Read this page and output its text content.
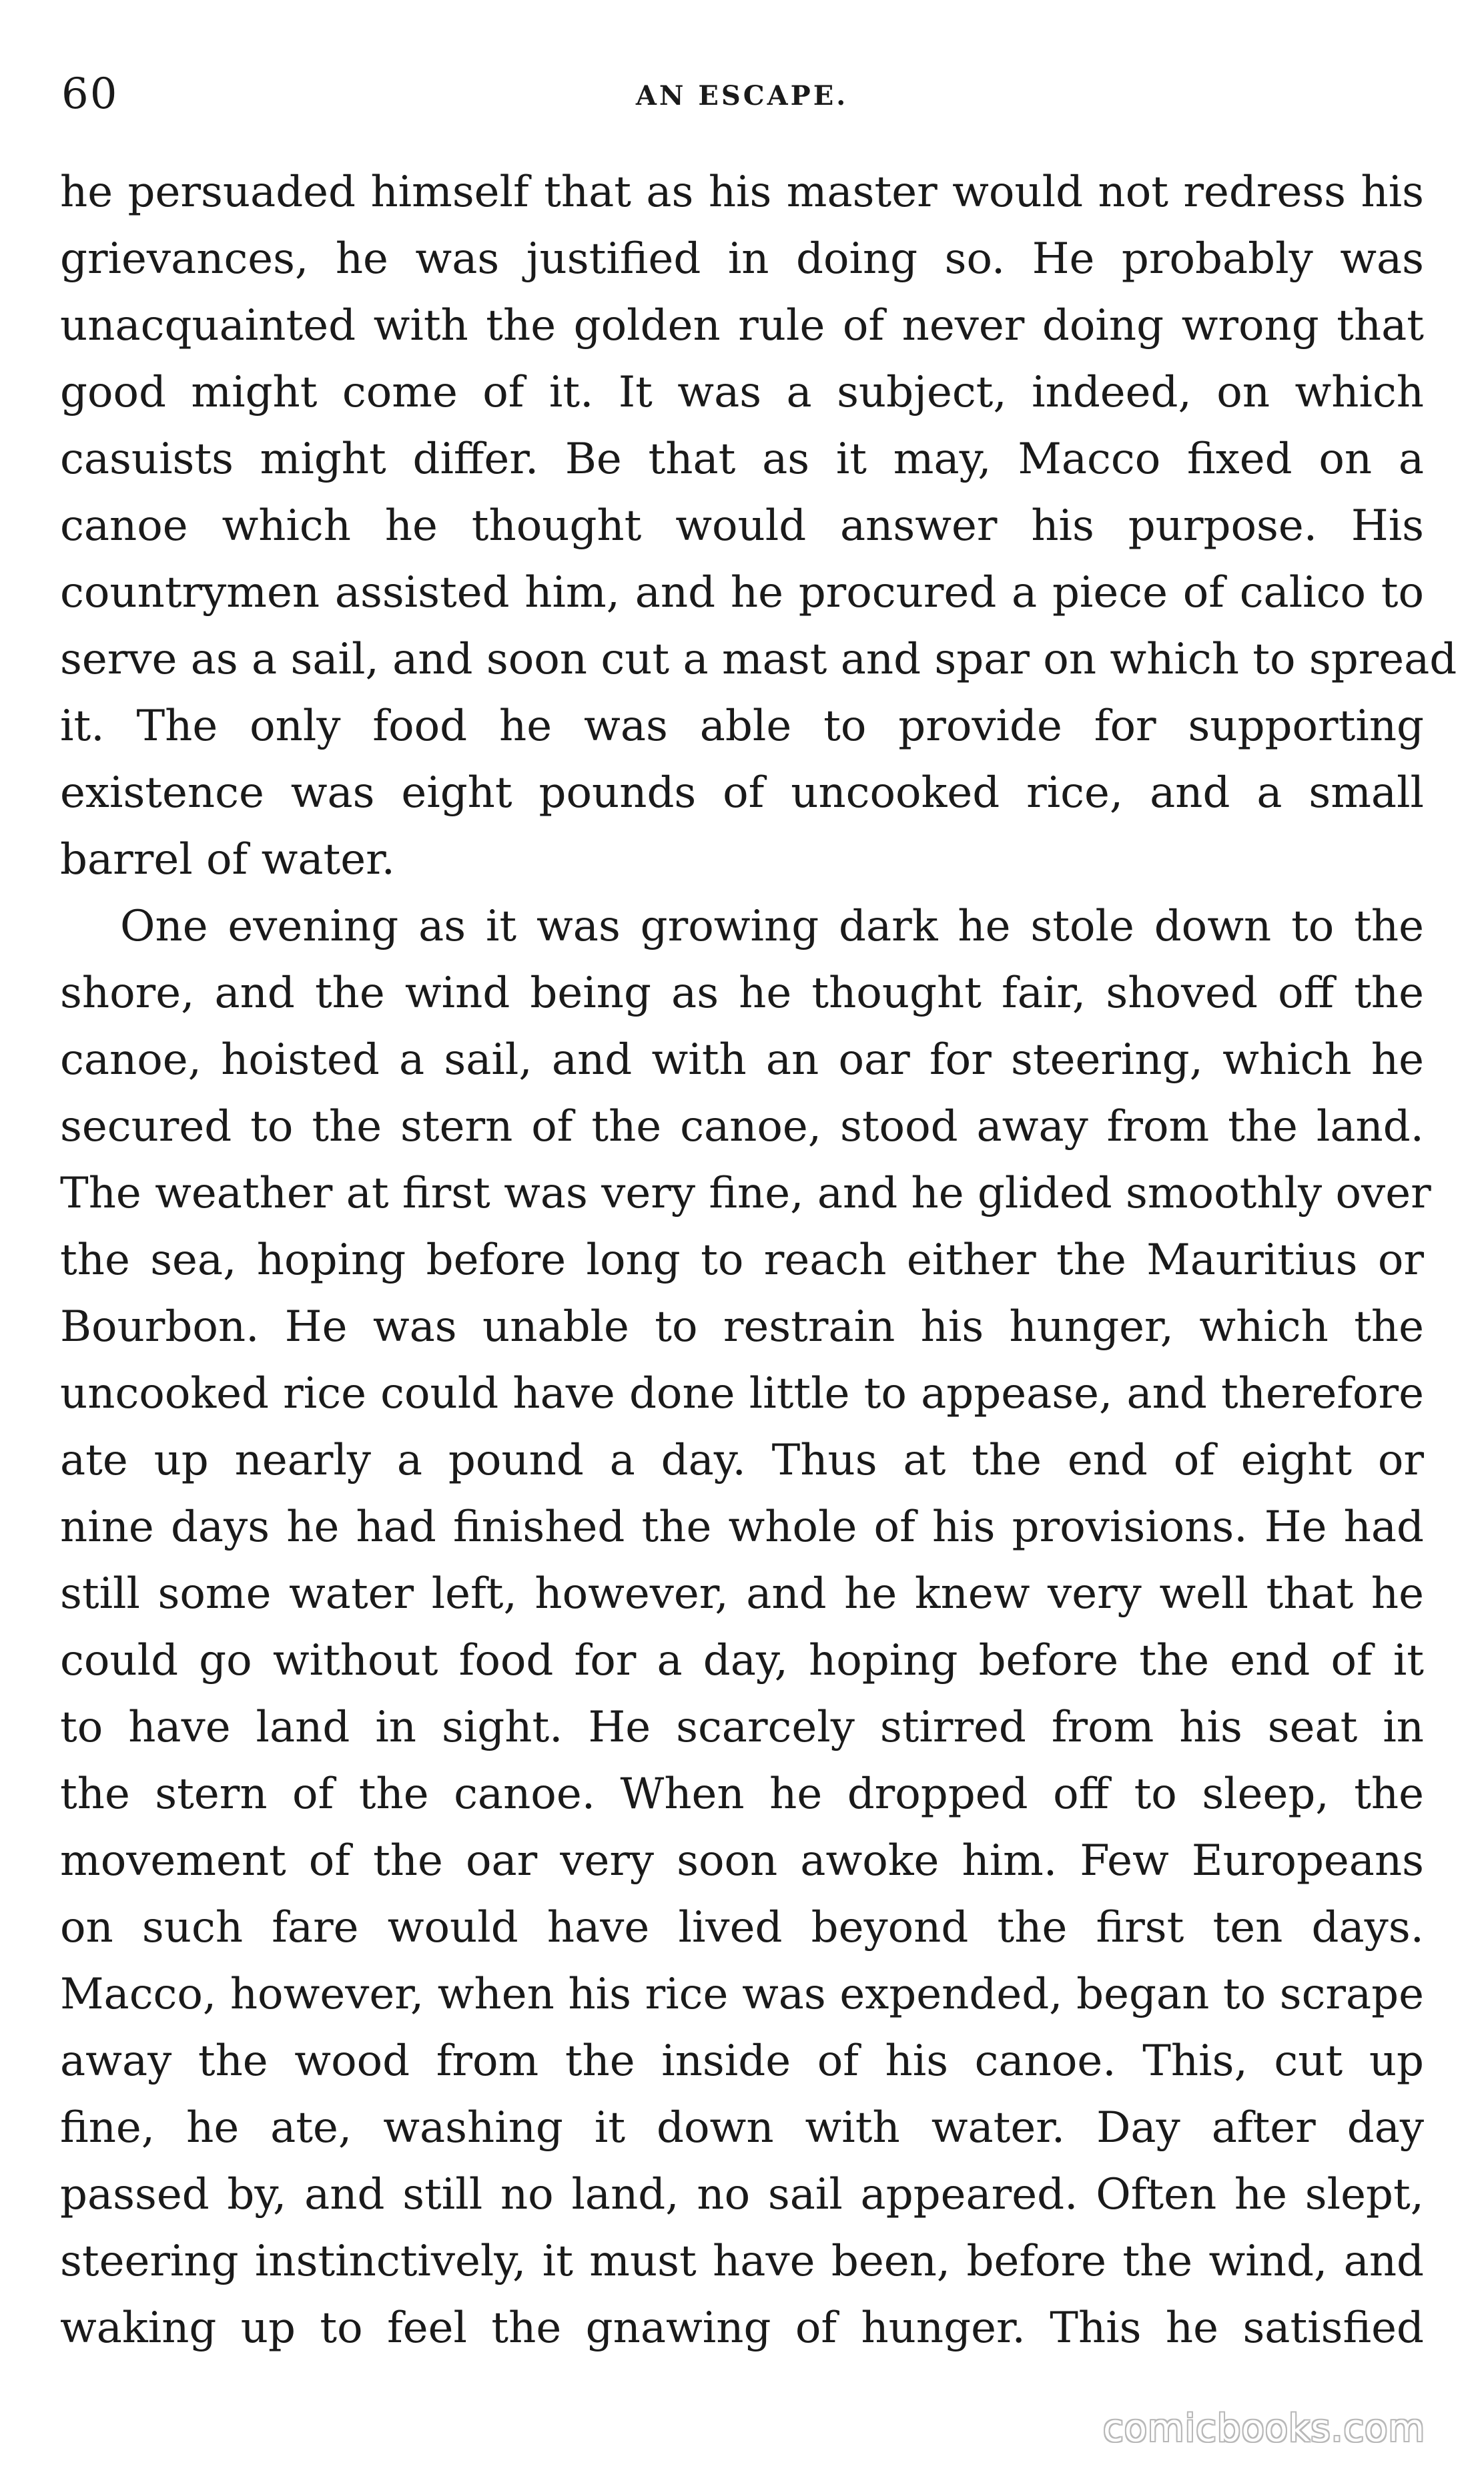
60	AN ESCAPE.
he persuaded himself that as his master would not redress his
grievances, he was justified in doing so. He probably was
unacquainted with the golden rule of never doing wrong that
good might come of it. It was a subject, indeed, on which
casuists might differ. Be that as it may, Macco fixed on a
canoe which he thought would answer his purpose. His
countrymen assisted him, and he procured a piece of calico to
serve as a sail, and soon cut a mast and spar on which to spread
it. The only food he was able to provide for supporting
existence was eight pounds of uncooked rice, and a small
barrel of water.
One evening as it was growing dark he stole down to the
shore, and the wind being as he thought fair, shoved off the
canoe, hoisted a sail, and with an oar for steering, which he
secured to the stern of the canoe, stood away from the land.
The weather at first was very fine, and he glided smoothly over
the sea, hoping before long to reach either the Mauritius or
Bourbon. He was unable to restrain his hunger, which the
uncooked rice could have done little to appease, and therefore
ate up nearly a pound a day. Thus at the end of eight or
nine days he had finished the whole of his provisions. He had
still some water left, however, and he knew very well that he
could go without food for a day, hoping before the end of it
to have land in sight. He scarcely stirred from his seat in
the stern of the canoe. When he dropped off to sleep, the
movement of the oar very soon awoke him. Few Europeans
on such fare would have lived beyond the first ten days.
Macco, however, when his rice was expended, began to scrape
away the wood from the inside of his canoe. This, cut up
fine, he ate, washing it down with water. Day after day
passed by, and still no land, no sail appeared. Often he slept,
steering instinctively, it must have been, before the wind, and
waking up to feel the gnawing of hunger. This he satisfied
comicbooks.com
